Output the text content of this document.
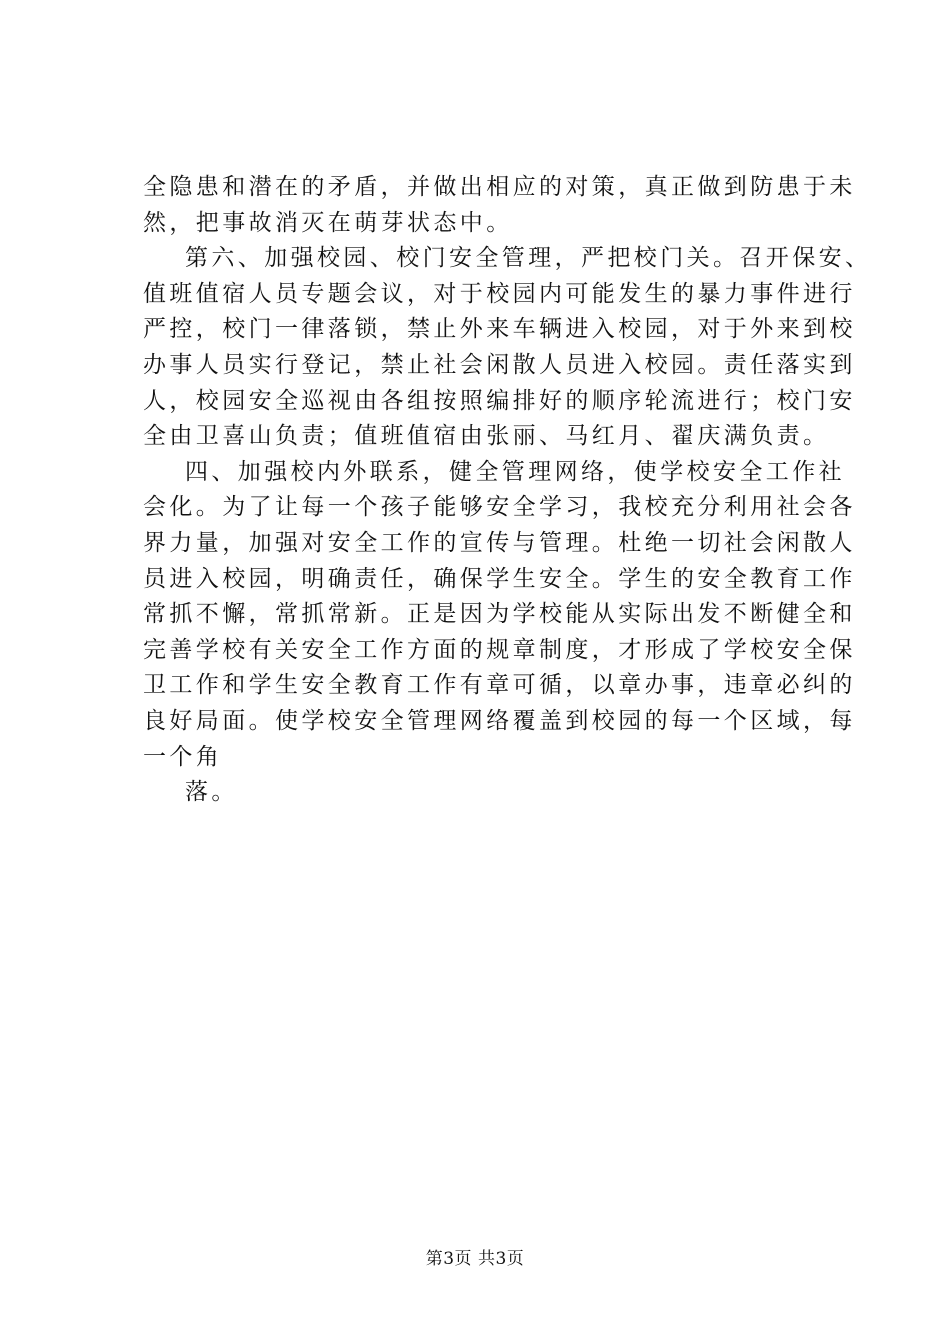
全隐患和潜在的矛盾，并做出相应的对策，真正做到防患于未
然，把事故消灭在萌芽状态中。
第六、加强校园、校门安全管理，严把校门关。召开保安、
值班值宿人员专题会议，对于校园内可能发生的暴力事件进行
严控，校门一律落锁，禁止外来车辆进入校园，对于外来到校
办事人员实行登记，禁止社会闲散人员进入校园。责任落实到
人，校园安全巡视由各组按照编排好的顺序轮流进行；校门安
全由卫喜山负责；值班值宿由张丽、马红月、翟庆满负责。
四、加强校内外联系，健全管理网络，使学校安全工作社
会化。为了让每一个孩子能够安全学习，我校充分利用社会各
界力量，加强对安全工作的宣传与管理。杜绝一切社会闲散人
员进入校园，明确责任，确保学生安全。学生的安全教育工作
常抓不懈，常抓常新。正是因为学校能从实际出发不断健全和
完善学校有关安全工作方面的规章制度，才形成了学校安全保
卫工作和学生安全教育工作有章可循，以章办事，违章必纠的
良好局面。使学校安全管理网络覆盖到校园的每一个区域，每
一个角
落。
第3页 共3页
